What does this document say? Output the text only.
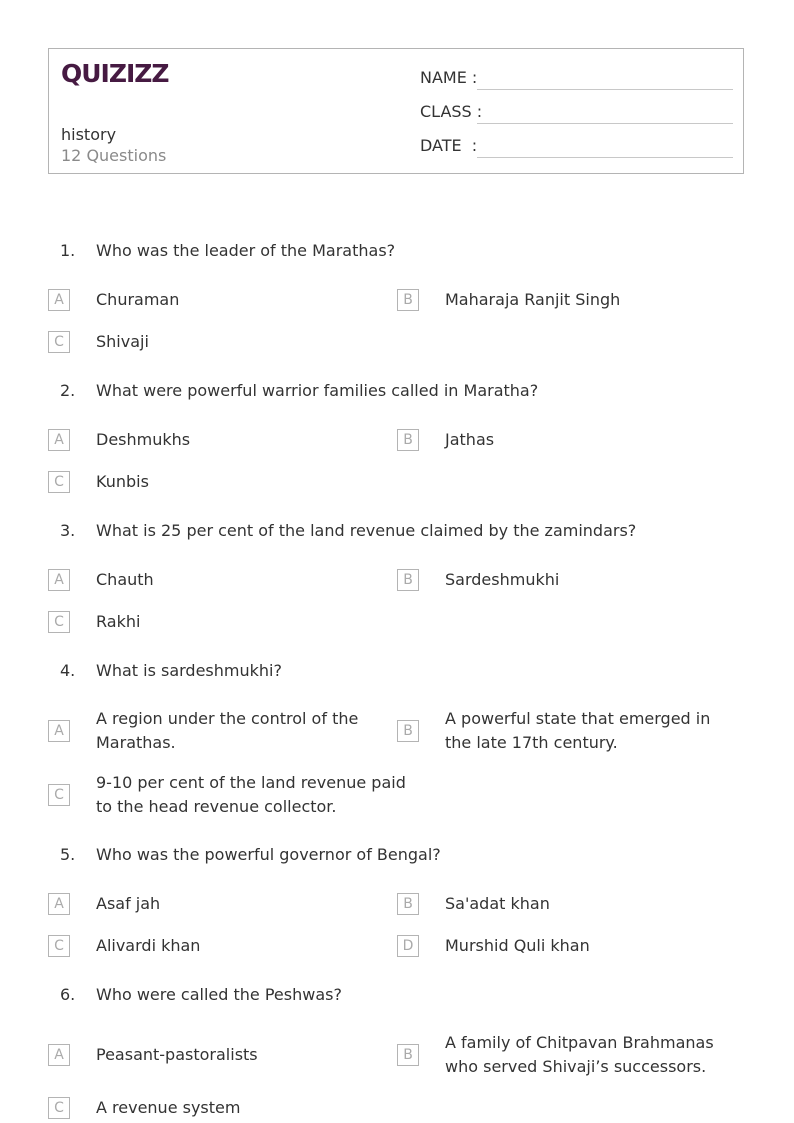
QUIZIZZ
history
12 Questions
NAME :
CLASS :
DATE  :
1. Who was the leader of the Marathas?
A	Churaman	B	Maharaja Ranjit Singh
C	Shivaji
2. What were powerful warrior families called in Maratha?
A	Deshmukhs	B	Jathas
C	Kunbis
3. What is 25 per cent of the land revenue claimed by the zamindars?
A	Chauth	B	Sardeshmukhi
C	Rakhi
4. What is sardeshmukhi?
A
A region under the control of the Marathas.
B
A powerful state that emerged in the late 17th century.
C
9-10 per cent of the land revenue paid to the head revenue collector.
5. Who was the powerful governor of Bengal?
A	Asaf jah	B	Sa'adat khan
C	Alivardi khan	D	Murshid Quli khan
6. Who were called the Peshwas?
A	Peasant-pastoralists	B
A family of Chitpavan Brahmanas who served Shivaji’s successors.
C	A revenue system
